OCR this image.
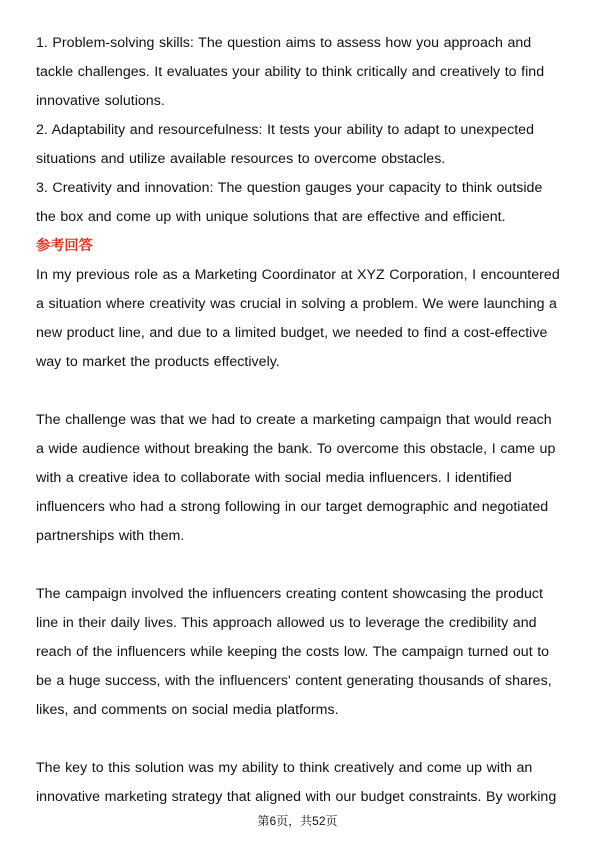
1. Problem-solving skills: The question aims to assess how you approach and tackle challenges. It evaluates your ability to think critically and creatively to find innovative solutions.

2. Adaptability and resourcefulness: It tests your ability to adapt to unexpected situations and utilize available resources to overcome obstacles.

3. Creativity and innovation: The question gauges your capacity to think outside the box and come up with unique solutions that are effective and efficient.

参考回答

In my previous role as a Marketing Coordinator at XYZ Corporation, I encountered a situation where creativity was crucial in solving a problem. We were launching a new product line, and due to a limited budget, we needed to find a cost-effective way to market the products effectively.

The challenge was that we had to create a marketing campaign that would reach a wide audience without breaking the bank. To overcome this obstacle, I came up with a creative idea to collaborate with social media influencers. I identified influencers who had a strong following in our target demographic and negotiated partnerships with them.

The campaign involved the influencers creating content showcasing the product line in their daily lives. This approach allowed us to leverage the credibility and reach of the influencers while keeping the costs low. The campaign turned out to be a huge success, with the influencers' content generating thousands of shares, likes, and comments on social media platforms.

The key to this solution was my ability to think creatively and come up with an innovative marketing strategy that aligned with our budget constraints. By working

第6页，共52页
